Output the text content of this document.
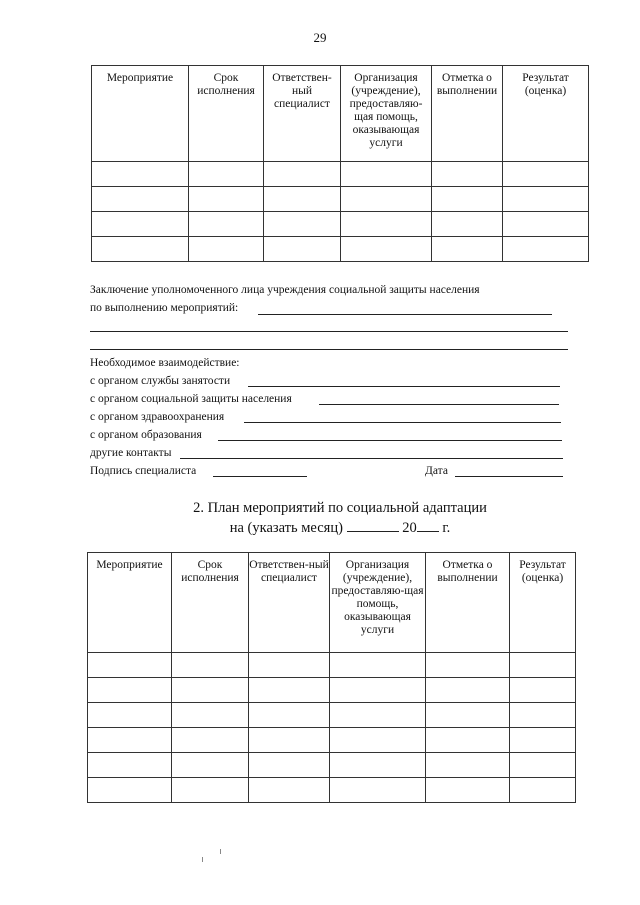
29
Мероприятие	Срок исполнения	Ответствен-ный специалист	Организация (учреждение), предоставляю-щая помощь, оказывающая услуги	Отметка о выполнении	Результат (оценка)

Заключение уполномоченного лица учреждения социальной защиты населения
по выполнению мероприятий:
Необходимое взаимодействие:
с органом службы занятости
с органом социальной защиты населения
с органом здравоохранения
с органом образования
другие контакты
Подпись специалиста	Дата
2. План мероприятий по социальной адаптации
на (указать месяц)	20 г.
Мероприятие	Срок исполнения	Ответствен-ный специалист	Организация (учреждение), предоставляю-щая помощь, оказывающая услуги	Отметка о выполнении	Результат (оценка)
